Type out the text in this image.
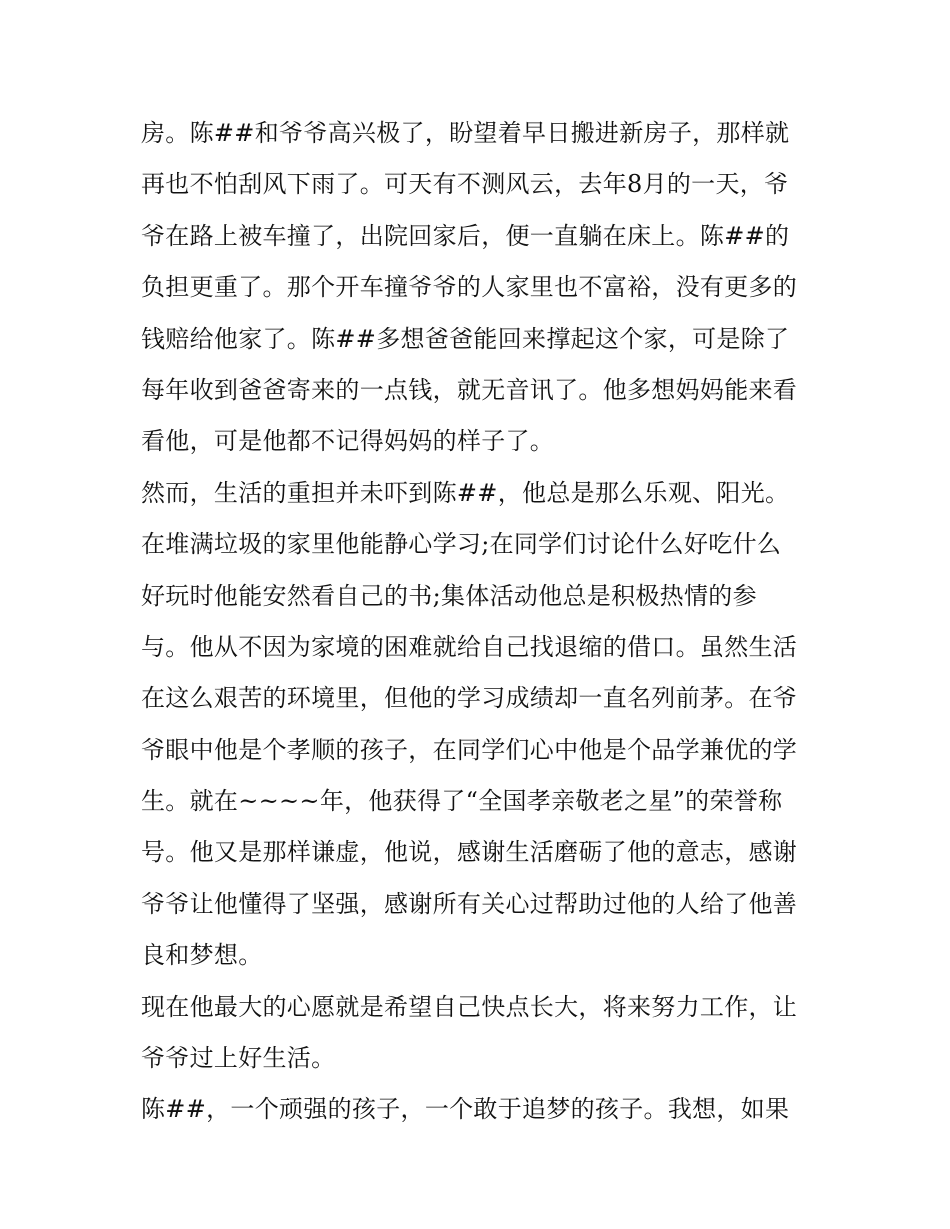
房。陈##和爷爷高兴极了，盼望着早日搬进新房子，那样就
再也不怕刮风下雨了。可天有不测风云，去年8月的一天，爷
爷在路上被车撞了，出院回家后，便一直躺在床上。陈##的
负担更重了。那个开车撞爷爷的人家里也不富裕，没有更多的
钱赔给他家了。陈##多想爸爸能回来撑起这个家，可是除了
每年收到爸爸寄来的一点钱，就无音讯了。他多想妈妈能来看
看他，可是他都不记得妈妈的样子了。
然而，生活的重担并未吓到陈##，他总是那么乐观、阳光。
在堆满垃圾的家里他能静心学习;在同学们讨论什么好吃什么
好玩时他能安然看自己的书;集体活动他总是积极热情的参
与。他从不因为家境的困难就给自己找退缩的借口。虽然生活
在这么艰苦的环境里，但他的学习成绩却一直名列前茅。在爷
爷眼中他是个孝顺的孩子，在同学们心中他是个品学兼优的学
生。就在~~~~年，他获得了“全国孝亲敬老之星”的荣誉称
号。他又是那样谦虚，他说，感谢生活磨砺了他的意志，感谢
爷爷让他懂得了坚强，感谢所有关心过帮助过他的人给了他善
良和梦想。
现在他最大的心愿就是希望自己快点长大，将来努力工作，让
爷爷过上好生活。
陈##，一个顽强的孩子，一个敢于追梦的孩子。我想，如果
